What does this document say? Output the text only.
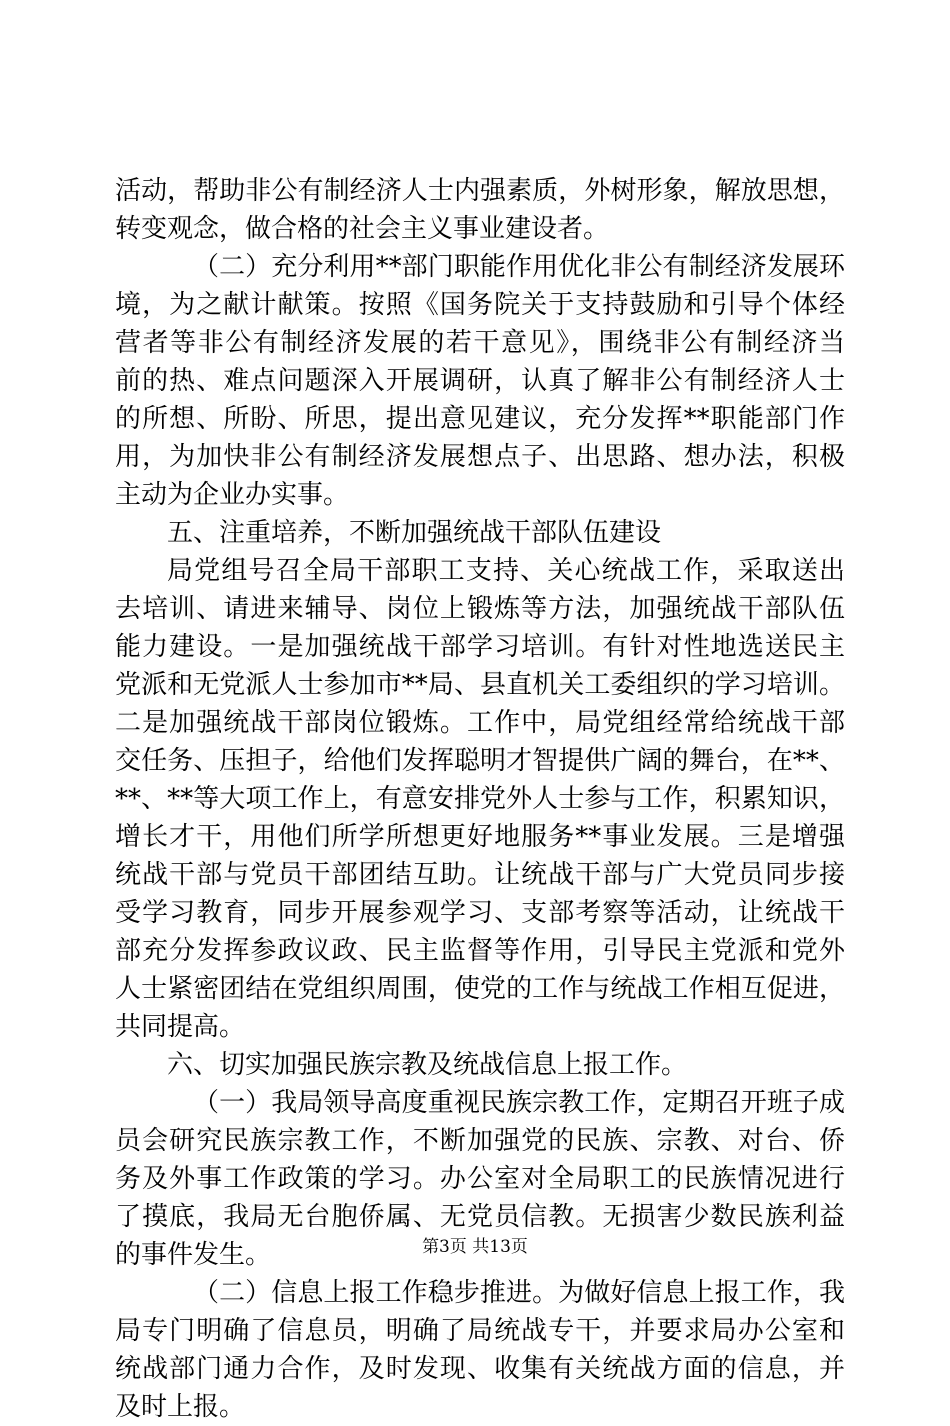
活动，帮助非公有制经济人士内强素质，外树形象，解放思想，
转变观念，做合格的社会主义事业建设者。
（二）充分利用**部门职能作用优化非公有制经济发展环
境，为之献计献策。按照《国务院关于支持鼓励和引导个体经
营者等非公有制经济发展的若干意见》，围绕非公有制经济当
前的热、难点问题深入开展调研，认真了解非公有制经济人士
的所想、所盼、所思，提出意见建议，充分发挥**职能部门作
用，为加快非公有制经济发展想点子、出思路、想办法，积极
主动为企业办实事。
五、注重培养，不断加强统战干部队伍建设
局党组号召全局干部职工支持、关心统战工作，采取送出
去培训、请进来辅导、岗位上锻炼等方法，加强统战干部队伍
能力建设。一是加强统战干部学习培训。有针对性地选送民主
党派和无党派人士参加市**局、县直机关工委组织的学习培训。
二是加强统战干部岗位锻炼。工作中，局党组经常给统战干部
交任务、压担子，给他们发挥聪明才智提供广阔的舞台，在**、
**、**等大项工作上，有意安排党外人士参与工作，积累知识，
增长才干，用他们所学所想更好地服务**事业发展。三是增强
统战干部与党员干部团结互助。让统战干部与广大党员同步接
受学习教育，同步开展参观学习、支部考察等活动，让统战干
部充分发挥参政议政、民主监督等作用，引导民主党派和党外
人士紧密团结在党组织周围，使党的工作与统战工作相互促进，
共同提高。
六、切实加强民族宗教及统战信息上报工作。
（一）我局领导高度重视民族宗教工作，定期召开班子成
员会研究民族宗教工作，不断加强党的民族、宗教、对台、侨
务及外事工作政策的学习。办公室对全局职工的民族情况进行
了摸底，我局无台胞侨属、无党员信教。无损害少数民族利益
的事件发生。
（二）信息上报工作稳步推进。为做好信息上报工作，我
局专门明确了信息员，明确了局统战专干，并要求局办公室和
统战部门通力合作，及时发现、收集有关统战方面的信息，并
及时上报。
第3页 共13页
